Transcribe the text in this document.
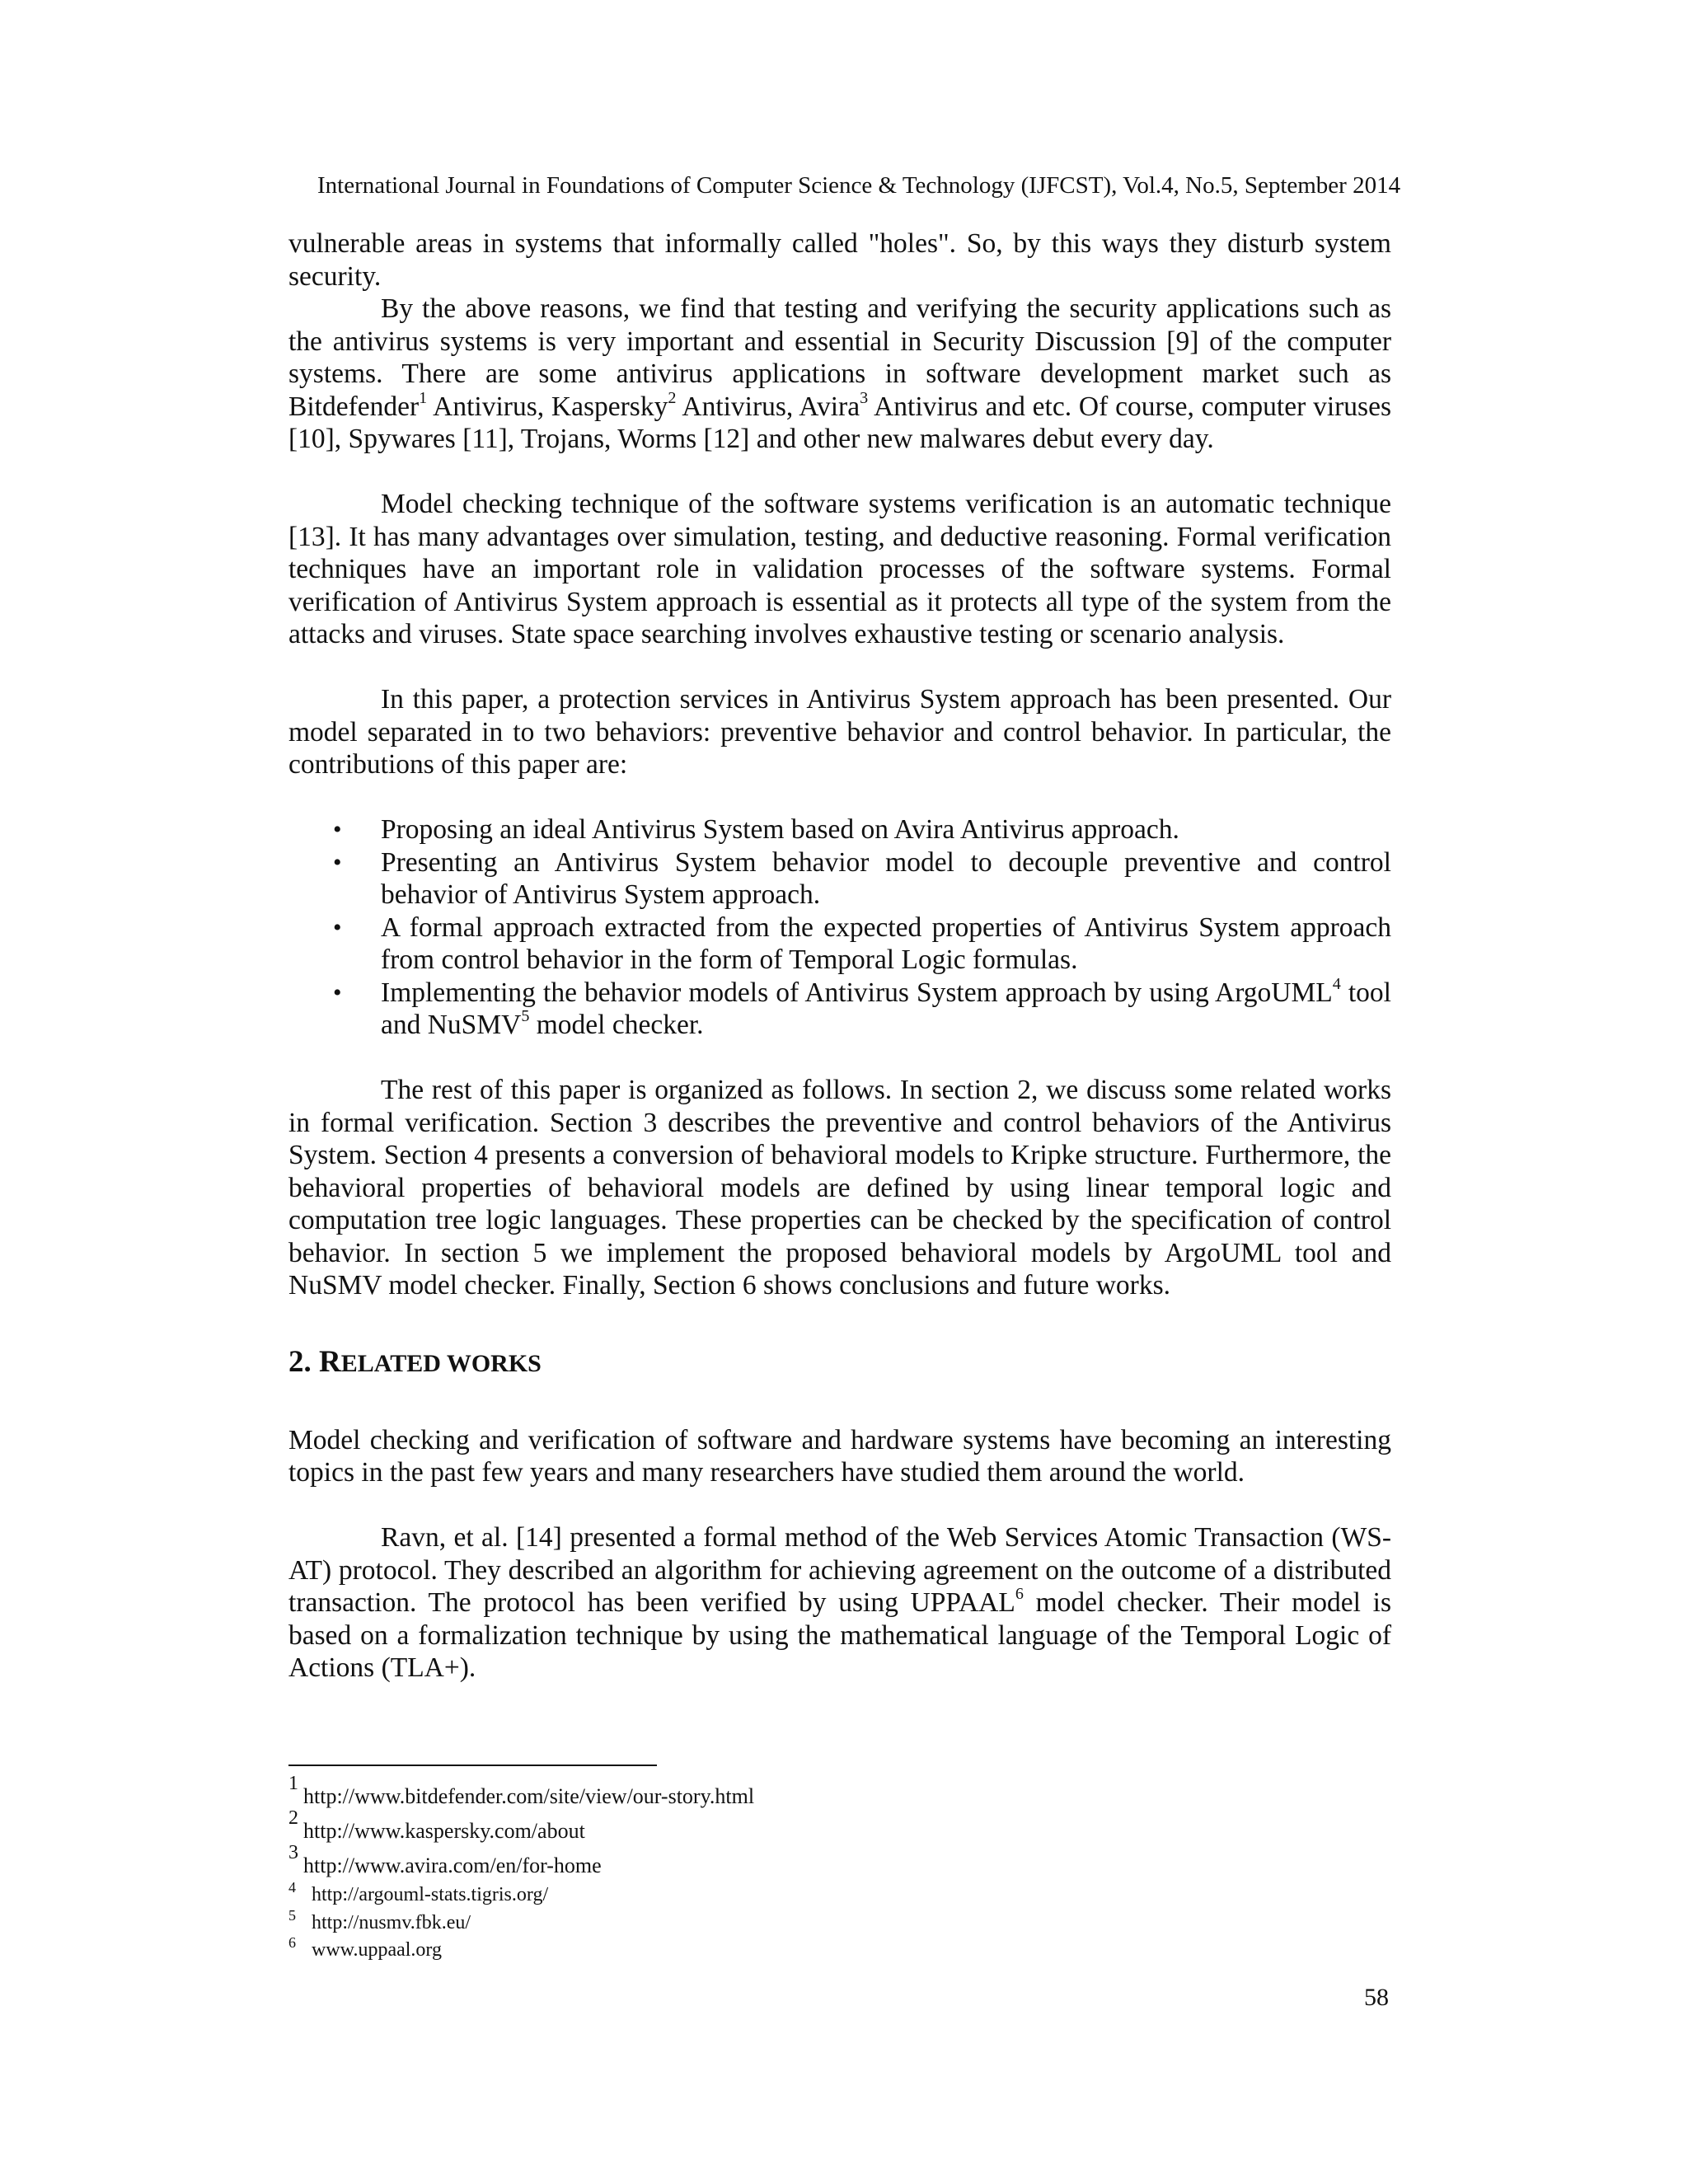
International Journal in Foundations of Computer Science & Technology (IJFCST), Vol.4, No.5, September 2014

vulnerable areas in systems that informally called "holes". So, by this ways they disturb system security.

By the above reasons, we find that testing and verifying the security applications such as the antivirus systems is very important and essential in Security Discussion [9] of the computer systems. There are some antivirus applications in software development market such as Bitdefender$^1$ Antivirus, Kaspersky$^2$ Antivirus, Avira$^3$ Antivirus and etc. Of course, computer viruses [10], Spywares [11], Trojans, Worms [12] and other new malwares debut every day.

Model checking technique of the software systems verification is an automatic technique [13]. It has many advantages over simulation, testing, and deductive reasoning. Formal verification techniques have an important role in validation processes of the software systems. Formal verification of Antivirus System approach is essential as it protects all type of the system from the attacks and viruses. State space searching involves exhaustive testing or scenario analysis.

In this paper, a protection services in Antivirus System approach has been presented. Our model separated in to two behaviors: preventive behavior and control behavior. In particular, the contributions of this paper are:

• Proposing an ideal Antivirus System based on Avira Antivirus approach.
• Presenting an Antivirus System behavior model to decouple preventive and control behavior of Antivirus System approach.
• A formal approach extracted from the expected properties of Antivirus System approach from control behavior in the form of Temporal Logic formulas.
• Implementing the behavior models of Antivirus System approach by using ArgoUML$^4$ tool and NuSMV$^5$ model checker.

The rest of this paper is organized as follows. In section 2, we discuss some related works in formal verification. Section 3 describes the preventive and control behaviors of the Antivirus System. Section 4 presents a conversion of behavioral models to Kripke structure. Furthermore, the behavioral properties of behavioral models are defined by using linear temporal logic and computation tree logic languages. These properties can be checked by the specification of control behavior. In section 5 we implement the proposed behavioral models by ArgoUML tool and NuSMV model checker. Finally, Section 6 shows conclusions and future works.

2. RELATED WORKS

Model checking and verification of software and hardware systems have becoming an interesting topics in the past few years and many researchers have studied them around the world.

Ravn, et al. [14] presented a formal method of the Web Services Atomic Transaction (WS-AT) protocol. They described an algorithm for achieving agreement on the outcome of a distributed transaction. The protocol has been verified by using UPPAAL$^6$ model checker. Their model is based on a formalization technique by using the mathematical language of the Temporal Logic of Actions (TLA+).

1
http://www.bitdefender.com/site/view/our-story.html
2
http://www.kaspersky.com/about
3
http://www.avira.com/en/for-home
4 http://argouml-stats.tigris.org/
5 http://nusmv.fbk.eu/
6 www.uppaal.org
58
